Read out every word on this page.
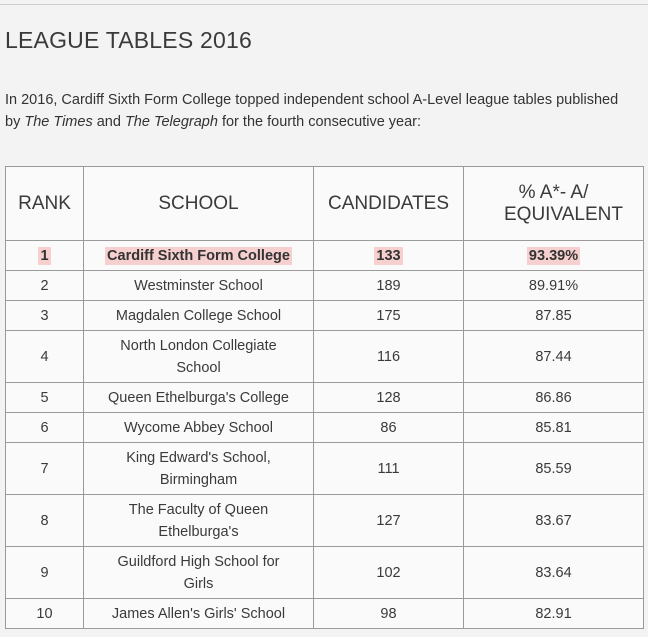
LEAGUE TABLES 2016

In 2016, Cardiff Sixth Form College topped independent school A-Level league tables published by The Times and The Telegraph for the fourth consecutive year:

RANK	SCHOOL	CANDIDATES	% A*- A/ EQUIVALENT
1	Cardiff Sixth Form College	133	93.39%
2	Westminster School	189	89.91%
3	Magdalen College School	175	87.85
4	North London Collegiate School	116	87.44
5	Queen Ethelburga's College	128	86.86
6	Wycome Abbey School	86	85.81
7	King Edward's School, Birmingham	111	85.59
8	The Faculty of Queen Ethelburga's	127	83.67
9	Guildford High School for Girls	102	83.64
10	James Allen's Girls' School	98	82.91
